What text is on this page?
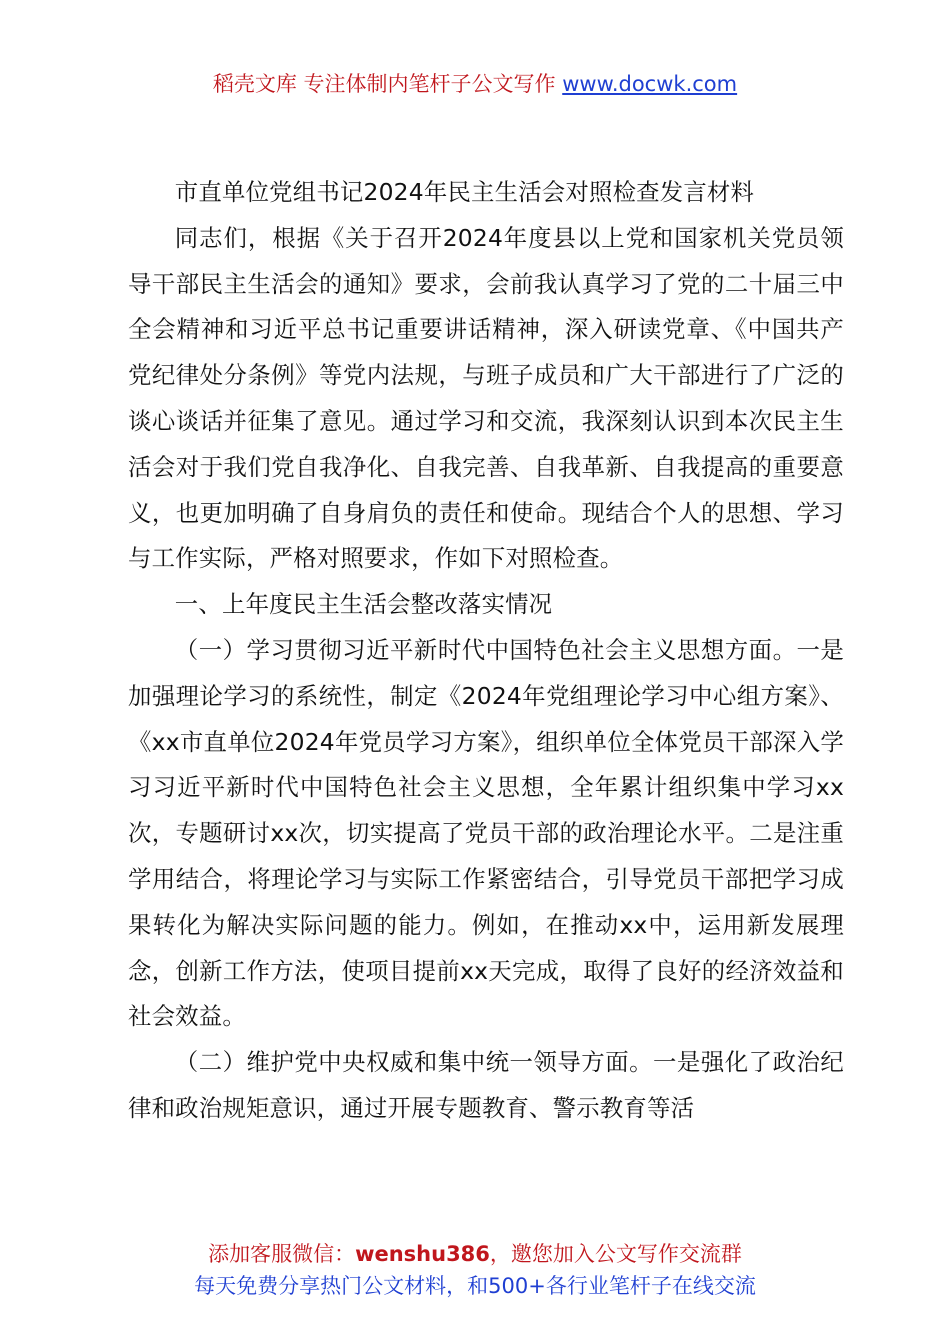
稻壳文库 专注体制内笔杆子公文写作 www.docwk.com

市直单位党组书记2024年民主生活会对照检查发言材料

同志们，根据《关于召开2024年度县以上党和国家机关党员领导干部民主生活会的通知》要求，会前我认真学习了党的二十届三中全会精神和习近平总书记重要讲话精神，深入研读党章、《中国共产党纪律处分条例》等党内法规，与班子成员和广大干部进行了广泛的谈心谈话并征集了意见。通过学习和交流，我深刻认识到本次民主生活会对于我们党自我净化、自我完善、自我革新、自我提高的重要意义，也更加明确了自身肩负的责任和使命。现结合个人的思想、学习与工作实际，严格对照要求，作如下对照检查。

一、上年度民主生活会整改落实情况

（一）学习贯彻习近平新时代中国特色社会主义思想方面。一是加强理论学习的系统性，制定《2024年党组理论学习中心组方案》、《xx市直单位2024年党员学习方案》，组织单位全体党员干部深入学习习近平新时代中国特色社会主义思想，全年累计组织集中学习xx次，专题研讨xx次，切实提高了党员干部的政治理论水平。二是注重学用结合，将理论学习与实际工作紧密结合，引导党员干部把学习成果转化为解决实际问题的能力。例如，在推动xx中，运用新发展理念，创新工作方法，使项目提前xx天完成，取得了良好的经济效益和社会效益。

（二）维护党中央权威和集中统一领导方面。一是强化了政治纪律和政治规矩意识，通过开展专题教育、警示教育等活

添加客服微信：wenshu386，邀您加入公文写作交流群
每天免费分享热门公文材料，和500+各行业笔杆子在线交流
